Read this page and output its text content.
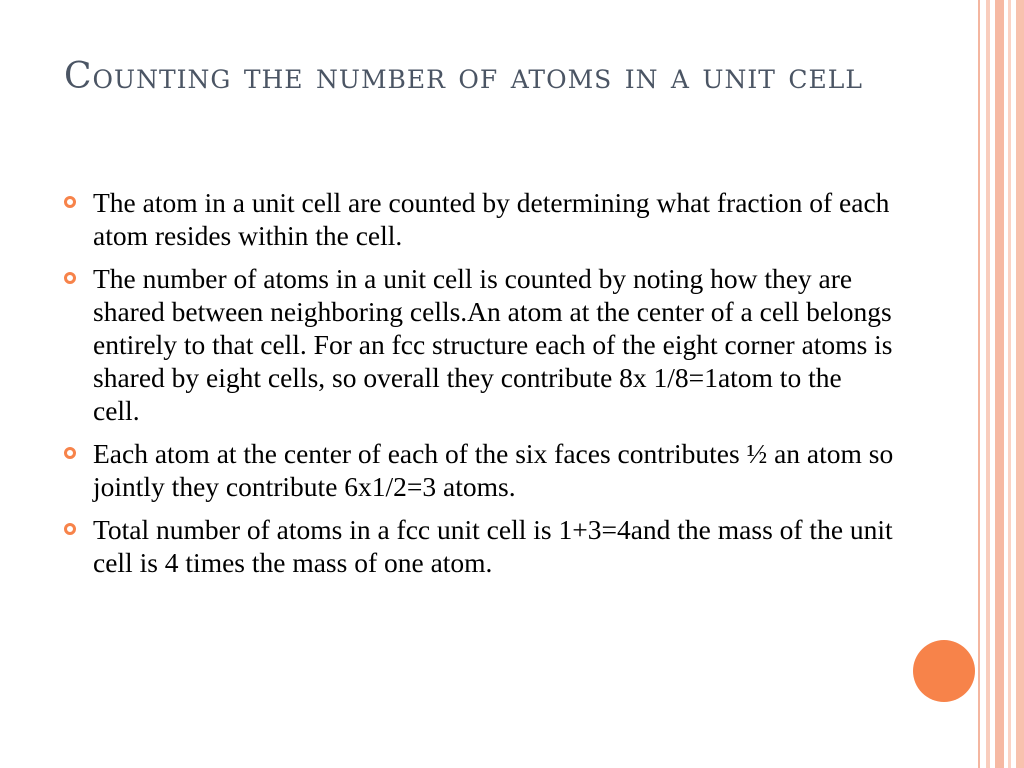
Counting the number of atoms in a unit cell
The atom in a unit cell are counted by determining what fraction of each atom resides within the cell.
The number of atoms in a unit cell is counted by noting how they are shared between neighboring cells.An atom at the center of a cell belongs entirely to that cell. For an fcc structure each of the eight corner atoms is shared by eight cells, so overall they contribute 8x 1/8=1atom to the cell.
Each atom at the center of each of the six faces contributes ½ an atom so jointly they contribute 6x1/2=3 atoms.
Total number of atoms in a fcc unit cell is 1+3=4and the mass of the unit cell is 4 times the mass of one atom.
